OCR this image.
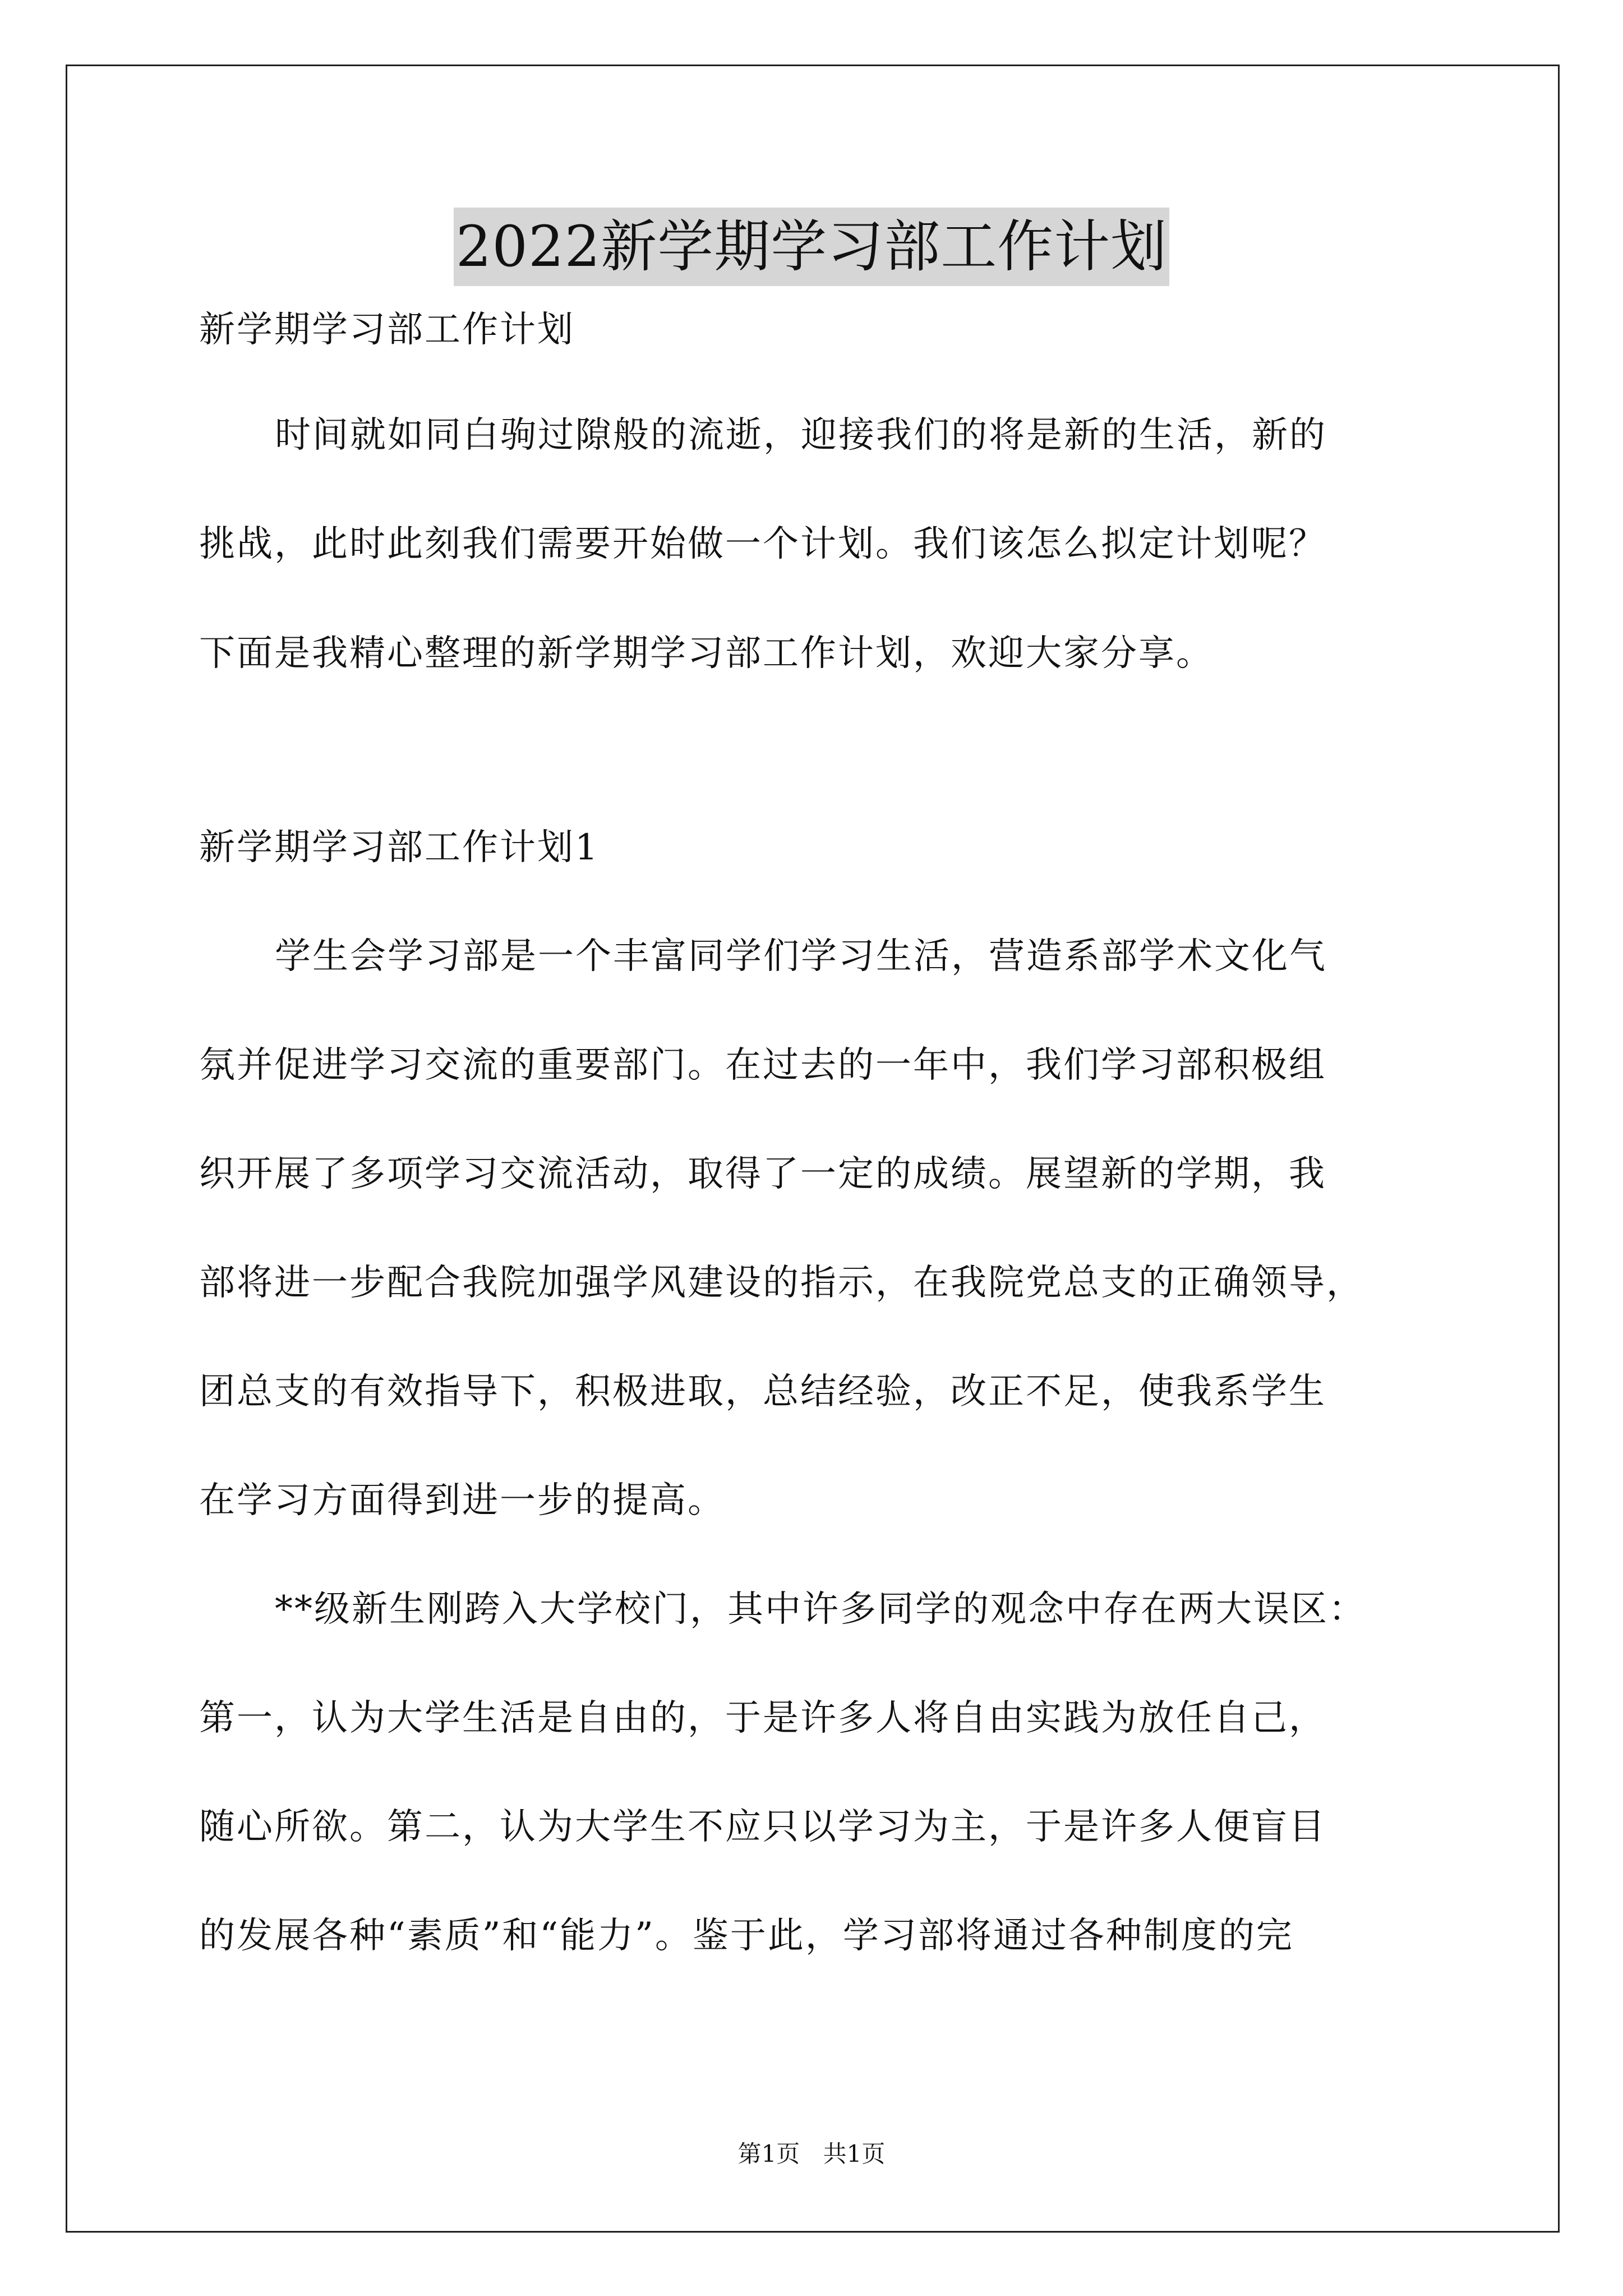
2022新学期学习部工作计划
新学期学习部工作计划
时间就如同白驹过隙般的流逝，迎接我们的将是新的生活，新的
挑战，此时此刻我们需要开始做一个计划。我们该怎么拟定计划呢？
下面是我精心整理的新学期学习部工作计划，欢迎大家分享。
新学期学习部工作计划1
学生会学习部是一个丰富同学们学习生活，营造系部学术文化气
氛并促进学习交流的重要部门。在过去的一年中，我们学习部积极组
织开展了多项学习交流活动，取得了一定的成绩。展望新的学期，我
部将进一步配合我院加强学风建设的指示，在我院党总支的正确领导，
团总支的有效指导下，积极进取，总结经验，改正不足，使我系学生
在学习方面得到进一步的提高。
**级新生刚跨入大学校门，其中许多同学的观念中存在两大误区：
第一，认为大学生活是自由的，于是许多人将自由实践为放任自己，
随心所欲。第二，认为大学生不应只以学习为主，于是许多人便盲目
的发展各种“素质”和“能力”。鉴于此，学习部将通过各种制度的完
第1页 共1页
